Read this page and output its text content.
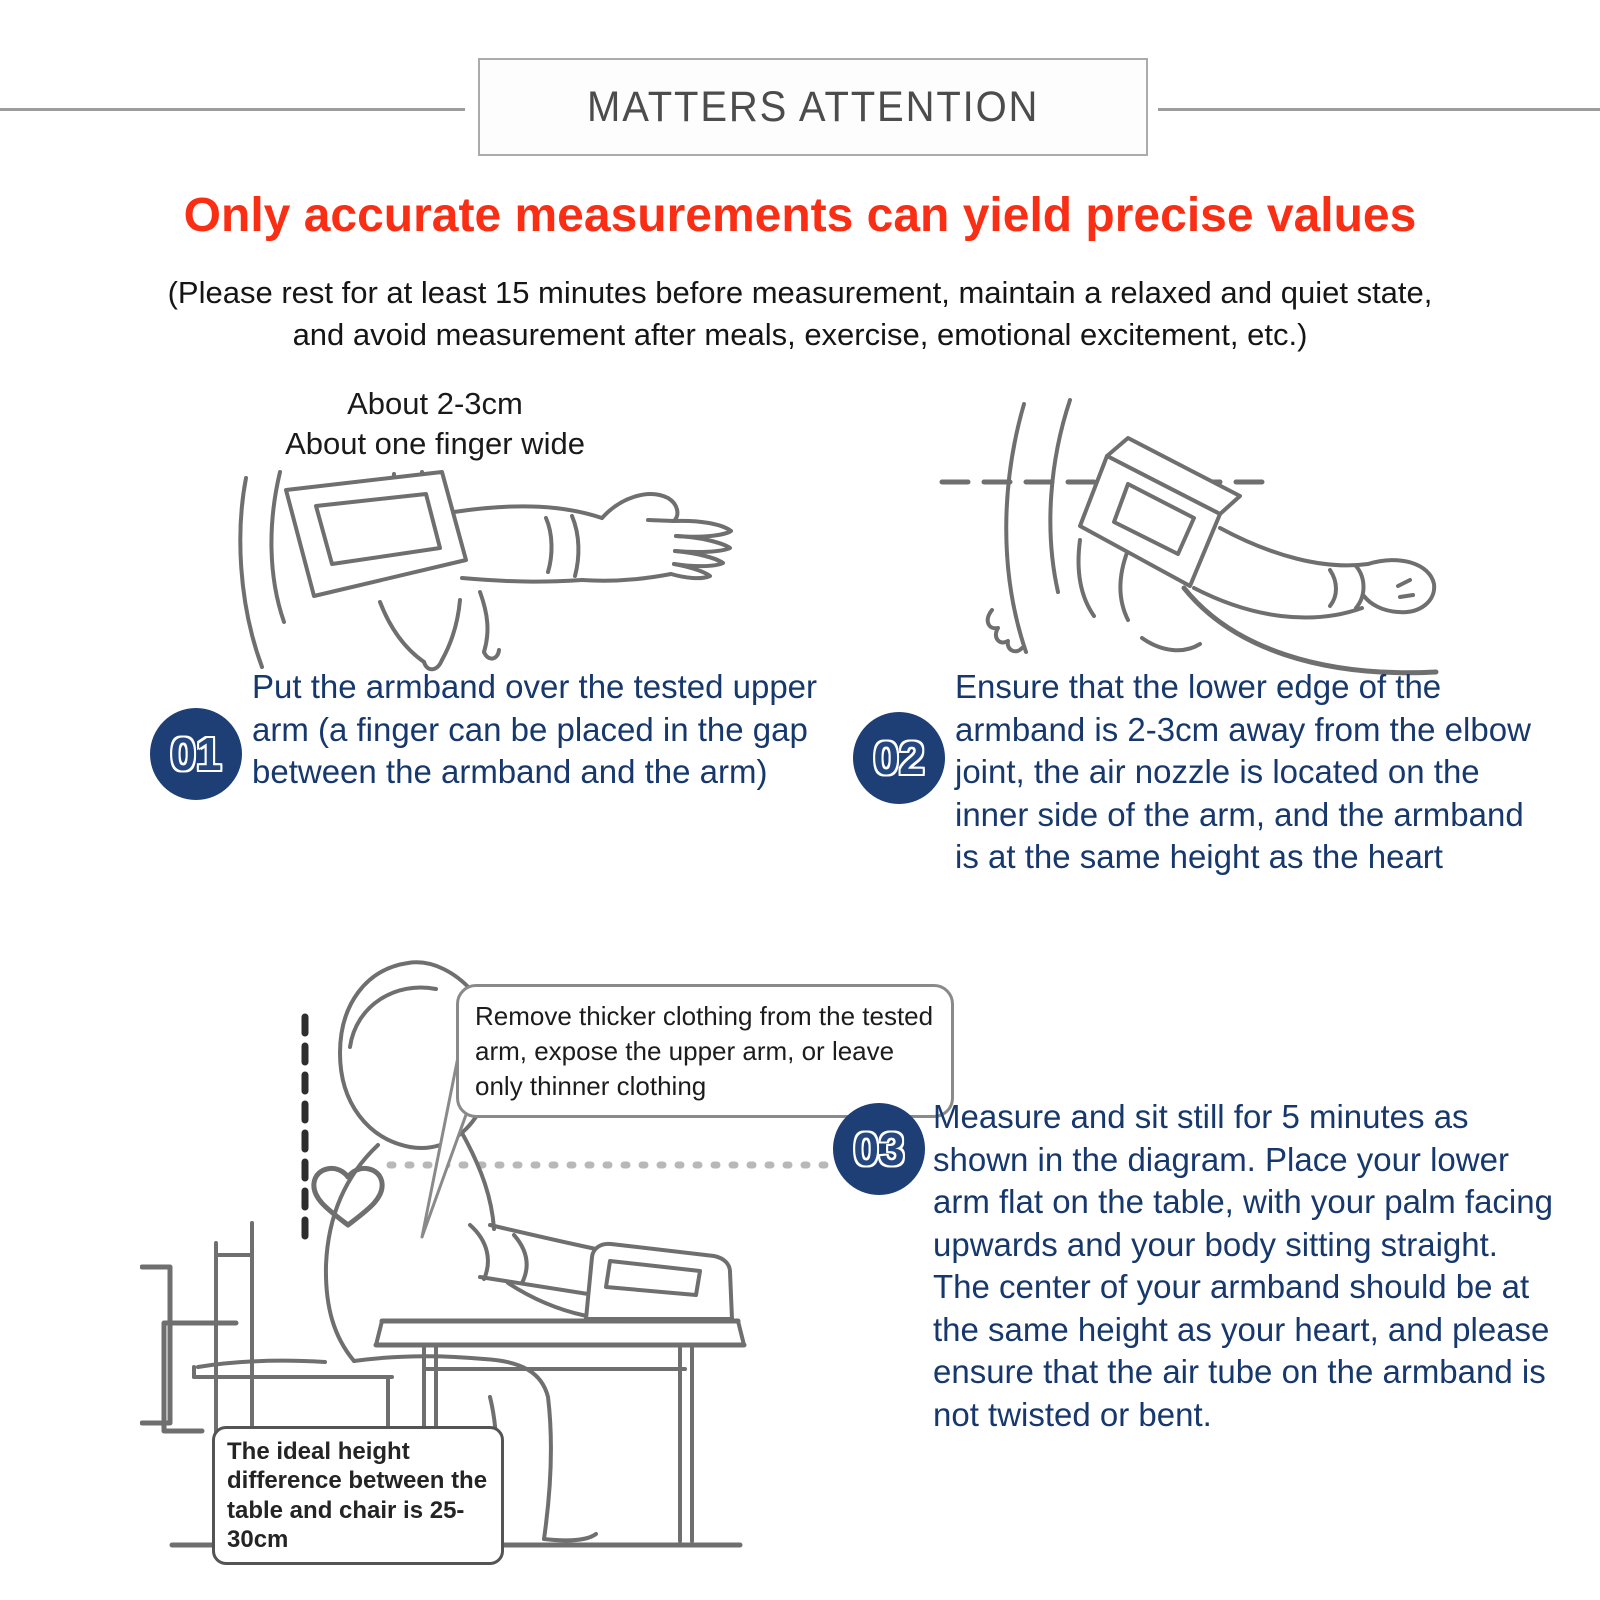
MATTERS ATTENTION
Only accurate measurements can yield precise values
(Please rest for at least 15 minutes before measurement, maintain a relaxed and quiet state,
and avoid measurement after meals, exercise, emotional excitement, etc.)
About 2-3cm
About one finger wide
01
Put the armband over the tested upper arm (a finger can be placed in the gap between the armband and the arm)	02
Ensure that the lower edge of the armband is 2-3cm away from the elbow joint, the air nozzle is located on the inner side of the arm, and the armband is at the same height as the heart
Remove thicker clothing from the tested arm, expose the upper arm, or leave only thinner clothing
03
Measure and sit still for 5 minutes as shown in the diagram. Place your lower arm flat on the table, with your palm facing upwards and your body sitting straight. The center of your armband should be at the same height as your heart, and please ensure that the air tube on the armband is not twisted or bent.
The ideal height difference between the table and chair is 25-30cm
